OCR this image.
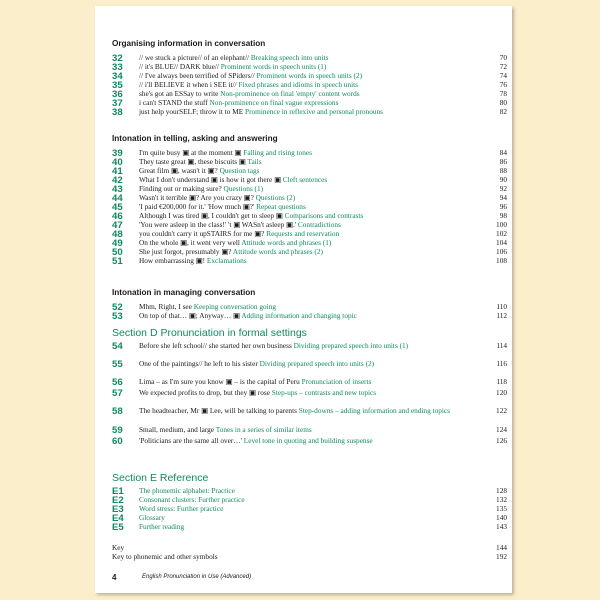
Organising information in conversation
32	// we stuck a picture// of an elephant// Breaking speech into units	70
33	// it's BLUE// DARK blue// Prominent words in speech units (1)	72
34	// I've always been terrified of SPiders// Prominent words in speech units (2)	74
35	// i'll BELIEVE it when i SEE it// Fixed phrases and idioms in speech units	76
36	she's got an ESSay to write Non-prominence on final 'empty' content words	78
37	i can't STAND the stuff Non-prominence on final vague expressions	80
38	just help yourSELF; throw it to ME Prominence in reflexive and personal pronouns	82
Intonation in telling, asking and answering
39	I'm quite busy ▣ at the moment ▣ Falling and rising tones	84
40	They taste great ▣, these biscuits ▣ Tails	86
41	Great film ▣, wasn't it ▣? Question tags	88
42	What I don't understand ▣ is how it got there ▣ Cleft sentences	90
43	Finding out or making sure? Questions (1)	92
44	Wasn't it terrible ▣? Are you crazy ▣? Questions (2)	94
45	'I paid €200,000 for it.' 'How much ▣?' Repeat questions	96
46	Although I was tired ▣, I couldn't get to sleep ▣ Comparisons and contrasts	98
47	'You were asleep in the class!' 't ▣ WASn't asleep ▣.' Contradictions	100
48	you couldn't carry it upSTAIRS for me ▣? Requests and reservation	102
49	On the whole ▣, it went very well Attitude words and phrases (1)	104
50	She just forgot, presumably ▣? Attitude words and phrases (2)	106
51	How embarrassing ▣! Exclamations	108
Intonation in managing conversation
52	Mhm, Right, I see Keeping conversation going	110
53	On top of that… ▣; Anyway… ▣ Adding information and changing topic	112
Section D Pronunciation in formal settings
54	Before she left school// she started her own business Dividing prepared speech into units (1)	114
55	One of the paintings// he left to his sister Dividing prepared speech into units (2)	116
56	Lima – as I'm sure you know ▣ – is the capital of Peru Pronunciation of inserts	118
57	We expected profits to drop, but they ▣ rose Step-ups – contrasts and new topics	120
58	The headteacher, Mr ▣ Lee, will be talking to parents Step-downs – adding information and ending topics	122
59	Small, medium, and large Tones in a series of similar items	124
60	'Politicians are the same all over…' Level tone in quoting and building suspense	126
Section E Reference
E1	The phonemic alphabet: Practice	128
E2	Consonant clusters: Further practice	132
E3	Word stress: Further practice	135
E4	Glossary	140
E5	Further reading	143
Key	144
Key to phonemic and other symbols	192
4	English Pronunciation in Use (Advanced)
